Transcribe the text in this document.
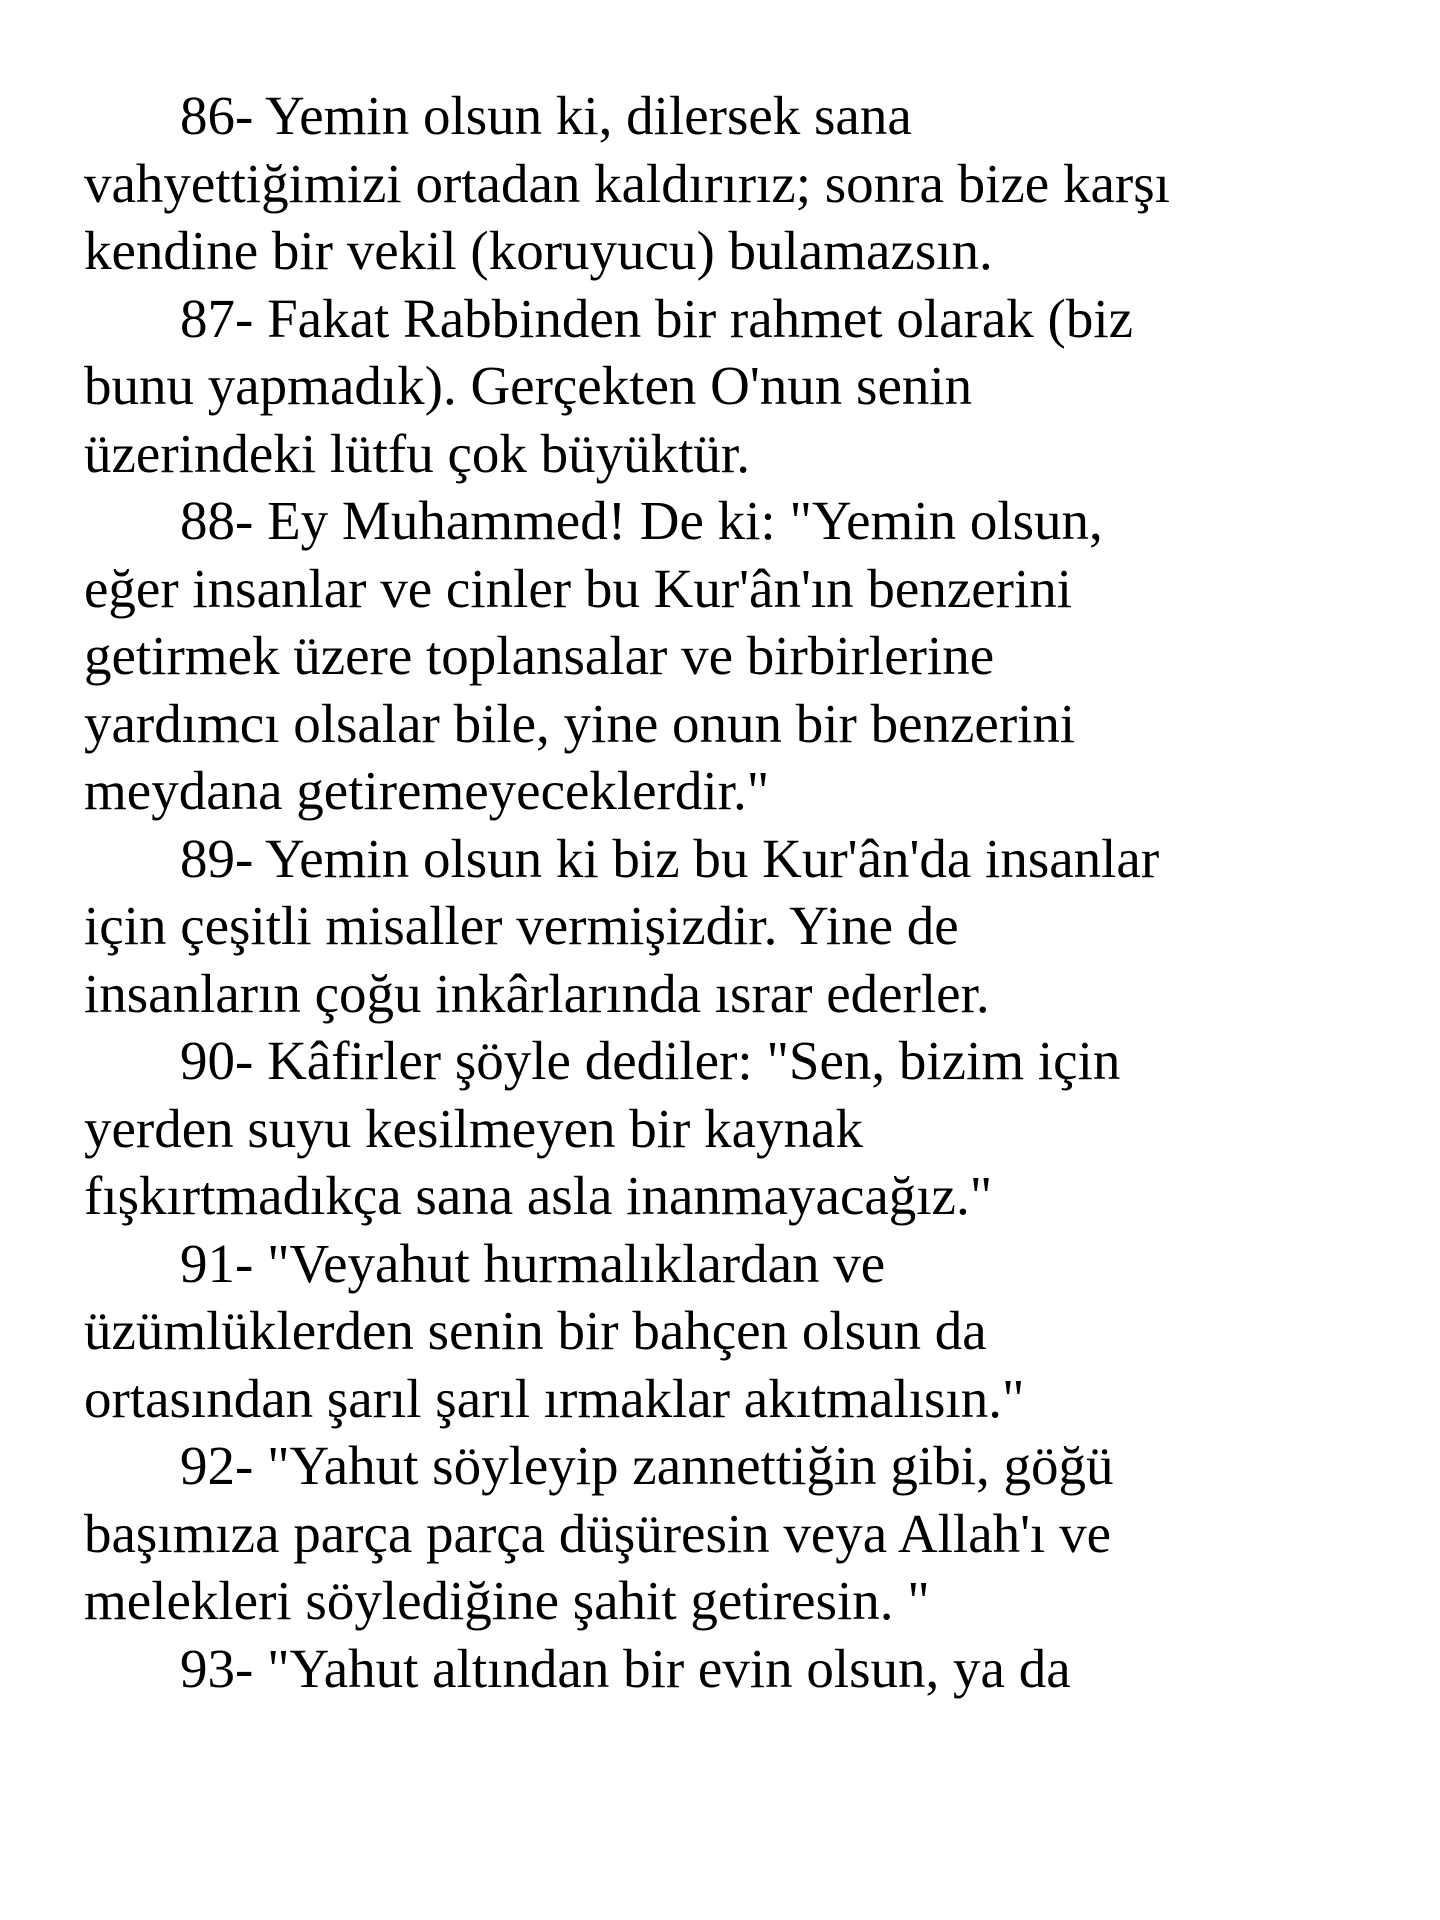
86- Yemin olsun ki, dilersek sana
vahyettiğimizi ortadan kaldırırız; sonra bize karşı
kendine bir vekil (koruyucu) bulamazsın.
87- Fakat Rabbinden bir rahmet olarak (biz
bunu yapmadık). Gerçekten O'nun senin
üzerindeki lütfu çok büyüktür.
88- Ey Muhammed! De ki: "Yemin olsun,
eğer insanlar ve cinler bu Kur'ân'ın benzerini
getirmek üzere toplansalar ve birbirlerine
yardımcı olsalar bile, yine onun bir benzerini
meydana getiremeyeceklerdir."
89- Yemin olsun ki biz bu Kur'ân'da insanlar
için çeşitli misaller vermişizdir. Yine de
insanların çoğu inkârlarında ısrar ederler.
90- Kâfirler şöyle dediler: "Sen, bizim için
yerden suyu kesilmeyen bir kaynak
fışkırtmadıkça sana asla inanmayacağız."
91- "Veyahut hurmalıklardan ve
üzümlüklerden senin bir bahçen olsun da
ortasından şarıl şarıl ırmaklar akıtmalısın."
92- "Yahut söyleyip zannettiğin gibi, göğü
başımıza parça parça düşüresin veya Allah'ı ve
melekleri söylediğine şahit getiresin. "
93- "Yahut altından bir evin olsun, ya da
